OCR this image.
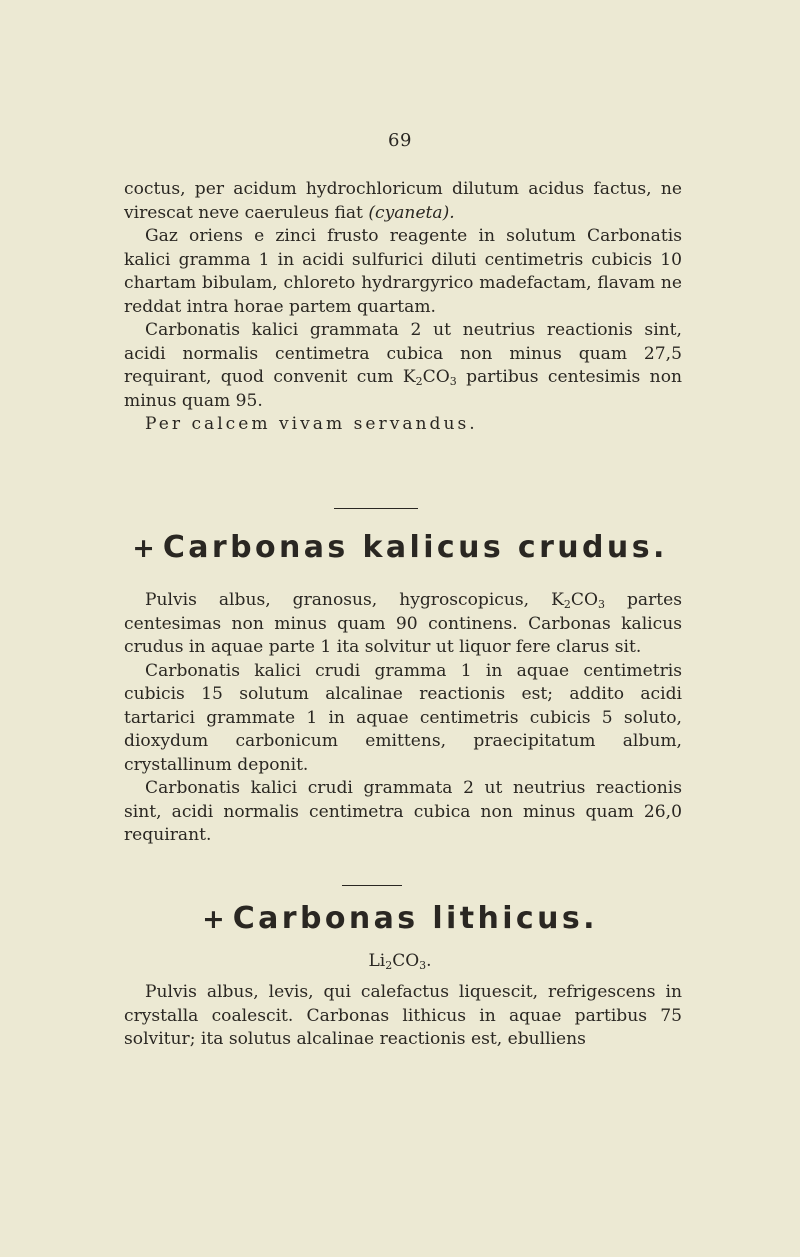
69

coctus, per acidum hydrochloricum dilutum acidus factus, ne virescat neve caeruleus fiat (cyaneta).

Gaz oriens e zinci frusto reagente in solutum Carbonatis kalici gramma 1 in acidi sulfurici diluti centimetris cubicis 10 chartam bibulam, chloreto hydrargyrico madefactam, flavam ne reddat intra horae partem quartam.

Carbonatis kalici grammata 2 ut neutrius reactionis sint, acidi normalis centimetra cubica non minus quam 27,5 requirant, quod convenit cum $K_2CO_3$ partibus centesimis non minus quam 95.

Per calcem vivam servandus.

+ Carbonas kalicus crudus.

Pulvis albus, granosus, hygroscopicus, $K_2CO_3$ partes centesimas non minus quam 90 continens. Carbonas kalicus crudus in aquae parte 1 ita solvitur ut liquor fere clarus sit.

Carbonatis kalici crudi gramma 1 in aquae centimetris cubicis 15 solutum alcalinae reactionis est; addito acidi tartarici grammate 1 in aquae centimetris cubicis 5 soluto, dioxydum carbonicum emittens, praecipitatum album, crystallinum deponit.

Carbonatis kalici crudi grammata 2 ut neutrius reactionis sint, acidi normalis centimetra cubica non minus quam 26,0 requirant.

+ Carbonas lithicus.
$Li_2CO_3$.

Pulvis albus, levis, qui calefactus liquescit, refrigescens in crystalla coalescit. Carbonas lithicus in aquae partibus 75 solvitur; ita solutus alcalinae reactionis est, ebulliens
